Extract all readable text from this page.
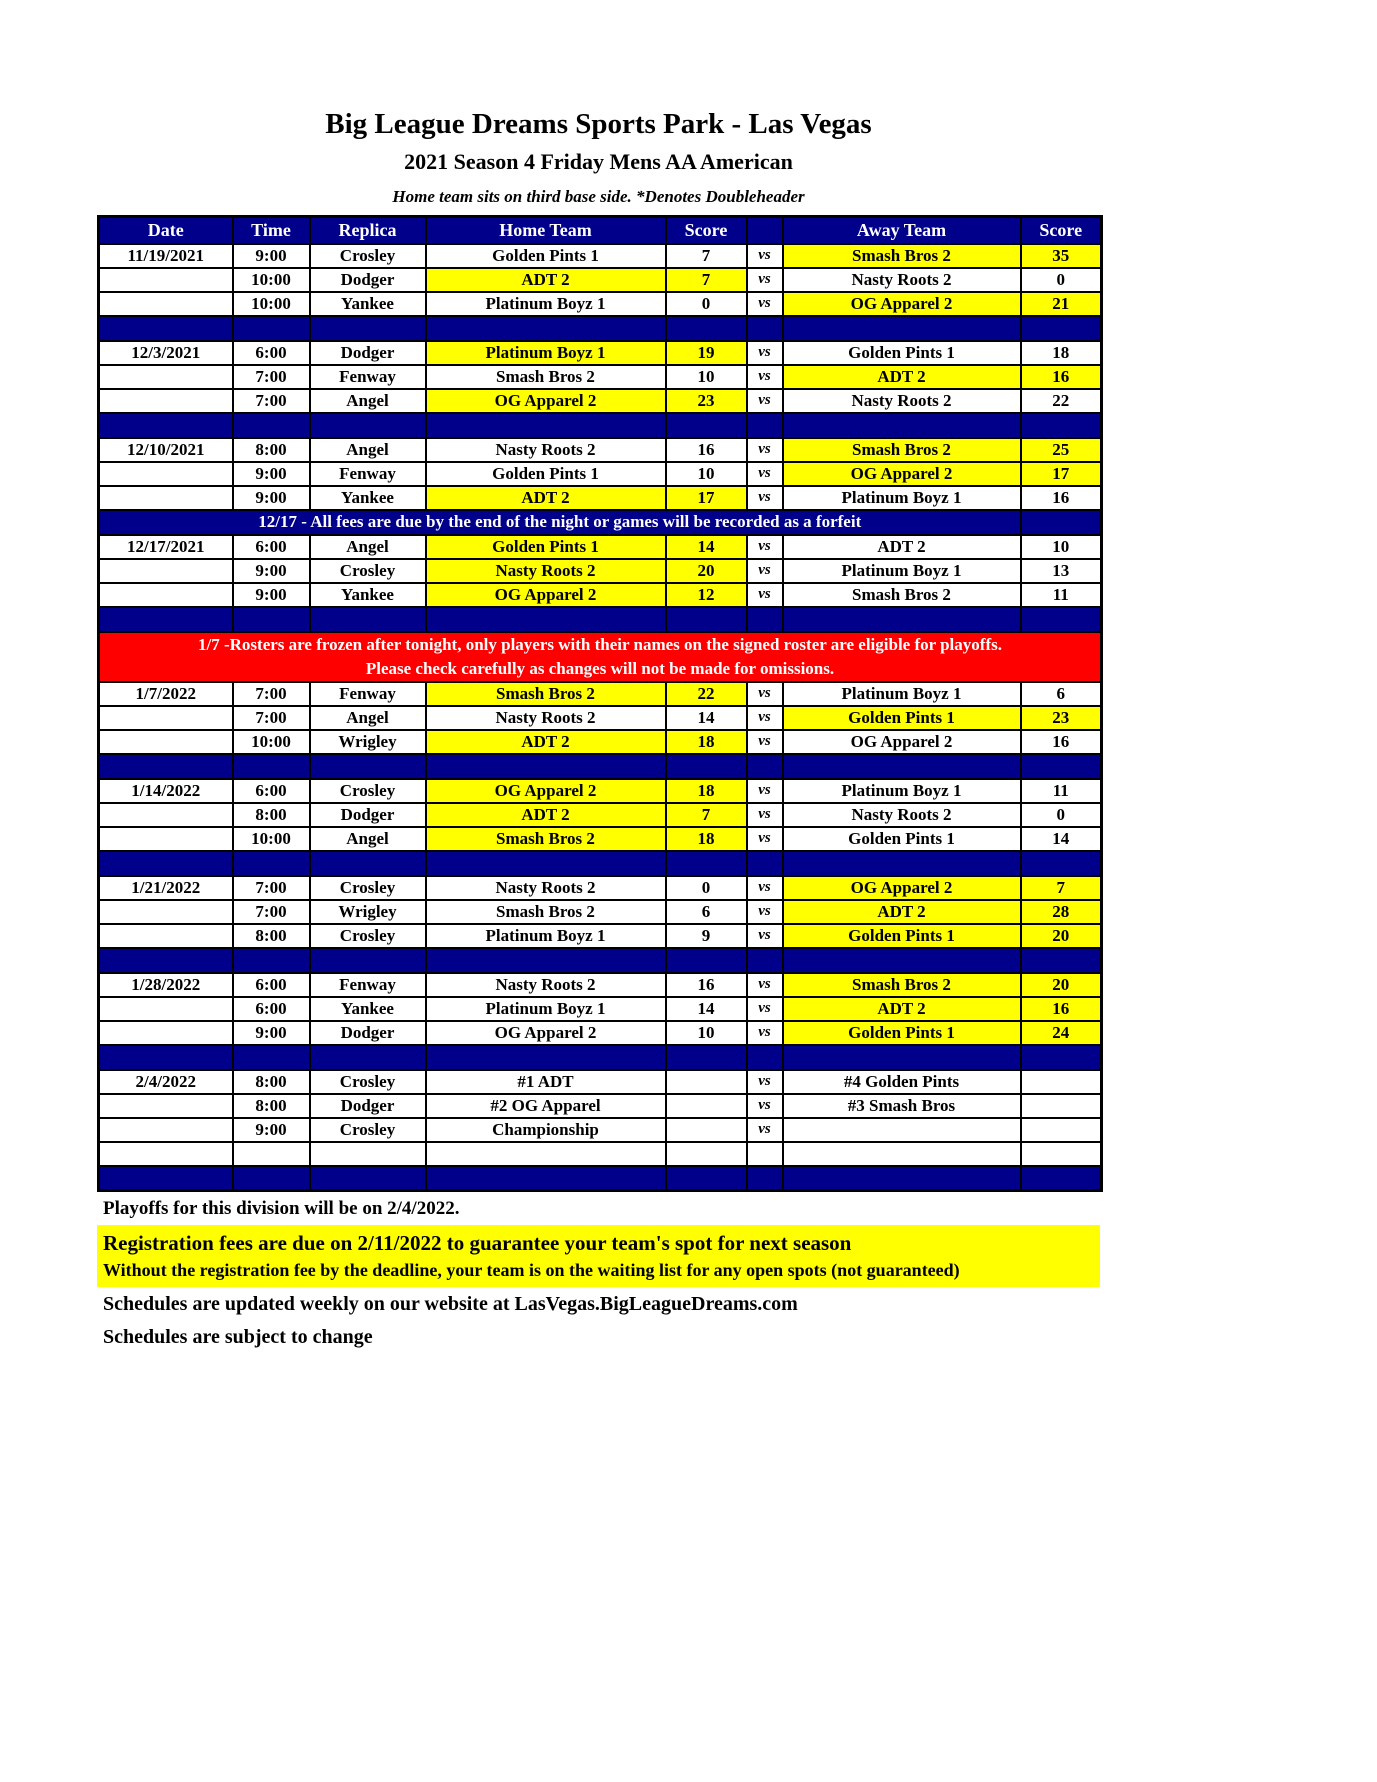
Big League Dreams Sports Park - Las Vegas
2021 Season 4 Friday Mens AA American
Home team sits on third base side. *Denotes Doubleheader
Date	Time	Replica	Home Team	Score		Away Team	Score
11/19/2021	9:00	Crosley	Golden Pints 1	7	vs	Smash Bros 2	35
	10:00	Dodger	ADT 2	7	vs	Nasty Roots 2	0
	10:00	Yankee	Platinum Boyz 1	0	vs	OG Apparel 2	21

12/3/2021	6:00	Dodger	Platinum Boyz 1	19	vs	Golden Pints 1	18
	7:00	Fenway	Smash Bros 2	10	vs	ADT 2	16
	7:00	Angel	OG Apparel 2	23	vs	Nasty Roots 2	22

12/10/2021	8:00	Angel	Nasty Roots 2	16	vs	Smash Bros 2	25
	9:00	Fenway	Golden Pints 1	10	vs	OG Apparel 2	17
	9:00	Yankee	ADT 2	17	vs	Platinum Boyz 1	16
12/17 - All fees are due by the end of the night or games will be recorded as a forfeit							
12/17/2021	6:00	Angel	Golden Pints 1	14	vs	ADT 2	10
	9:00	Crosley	Nasty Roots 2	20	vs	Platinum Boyz 1	13
	9:00	Yankee	OG Apparel 2	12	vs	Smash Bros 2	11

1/7 -Rosters are frozen after tonight, only players with their names on the signed roster are eligible for playoffs.
Please check carefully as changes will not be made for omissions.							

1/7/2022	7:00	Fenway	Smash Bros 2	22	vs	Platinum Boyz 1	6
	7:00	Angel	Nasty Roots 2	14	vs	Golden Pints 1	23
	10:00	Wrigley	ADT 2	18	vs	OG Apparel 2	16

1/14/2022	6:00	Crosley	OG Apparel 2	18	vs	Platinum Boyz 1	11
	8:00	Dodger	ADT 2	7	vs	Nasty Roots 2	0
	10:00	Angel	Smash Bros 2	18	vs	Golden Pints 1	14

1/21/2022	7:00	Crosley	Nasty Roots 2	0	vs	OG Apparel 2	7
	7:00	Wrigley	Smash Bros 2	6	vs	ADT 2	28
	8:00	Crosley	Platinum Boyz 1	9	vs	Golden Pints 1	20

1/28/2022	6:00	Fenway	Nasty Roots 2	16	vs	Smash Bros 2	20
	6:00	Yankee	Platinum Boyz 1	14	vs	ADT 2	16
	9:00	Dodger	OG Apparel 2	10	vs	Golden Pints 1	24

2/4/2022	8:00	Crosley	#1 ADT		vs	#4 Golden Pints	
	8:00	Dodger	#2 OG Apparel		vs	#3 Smash Bros	
	9:00	Crosley	Championship		vs		

Playoffs for this division will be on 2/4/2022.
Registration fees are due on 2/11/2022 to guarantee your team's spot for next season
Without the registration fee by the deadline, your team is on the waiting list for any open spots (not guaranteed)
Schedules are updated weekly on our website at LasVegas.BigLeagueDreams.com
Schedules are subject to change
